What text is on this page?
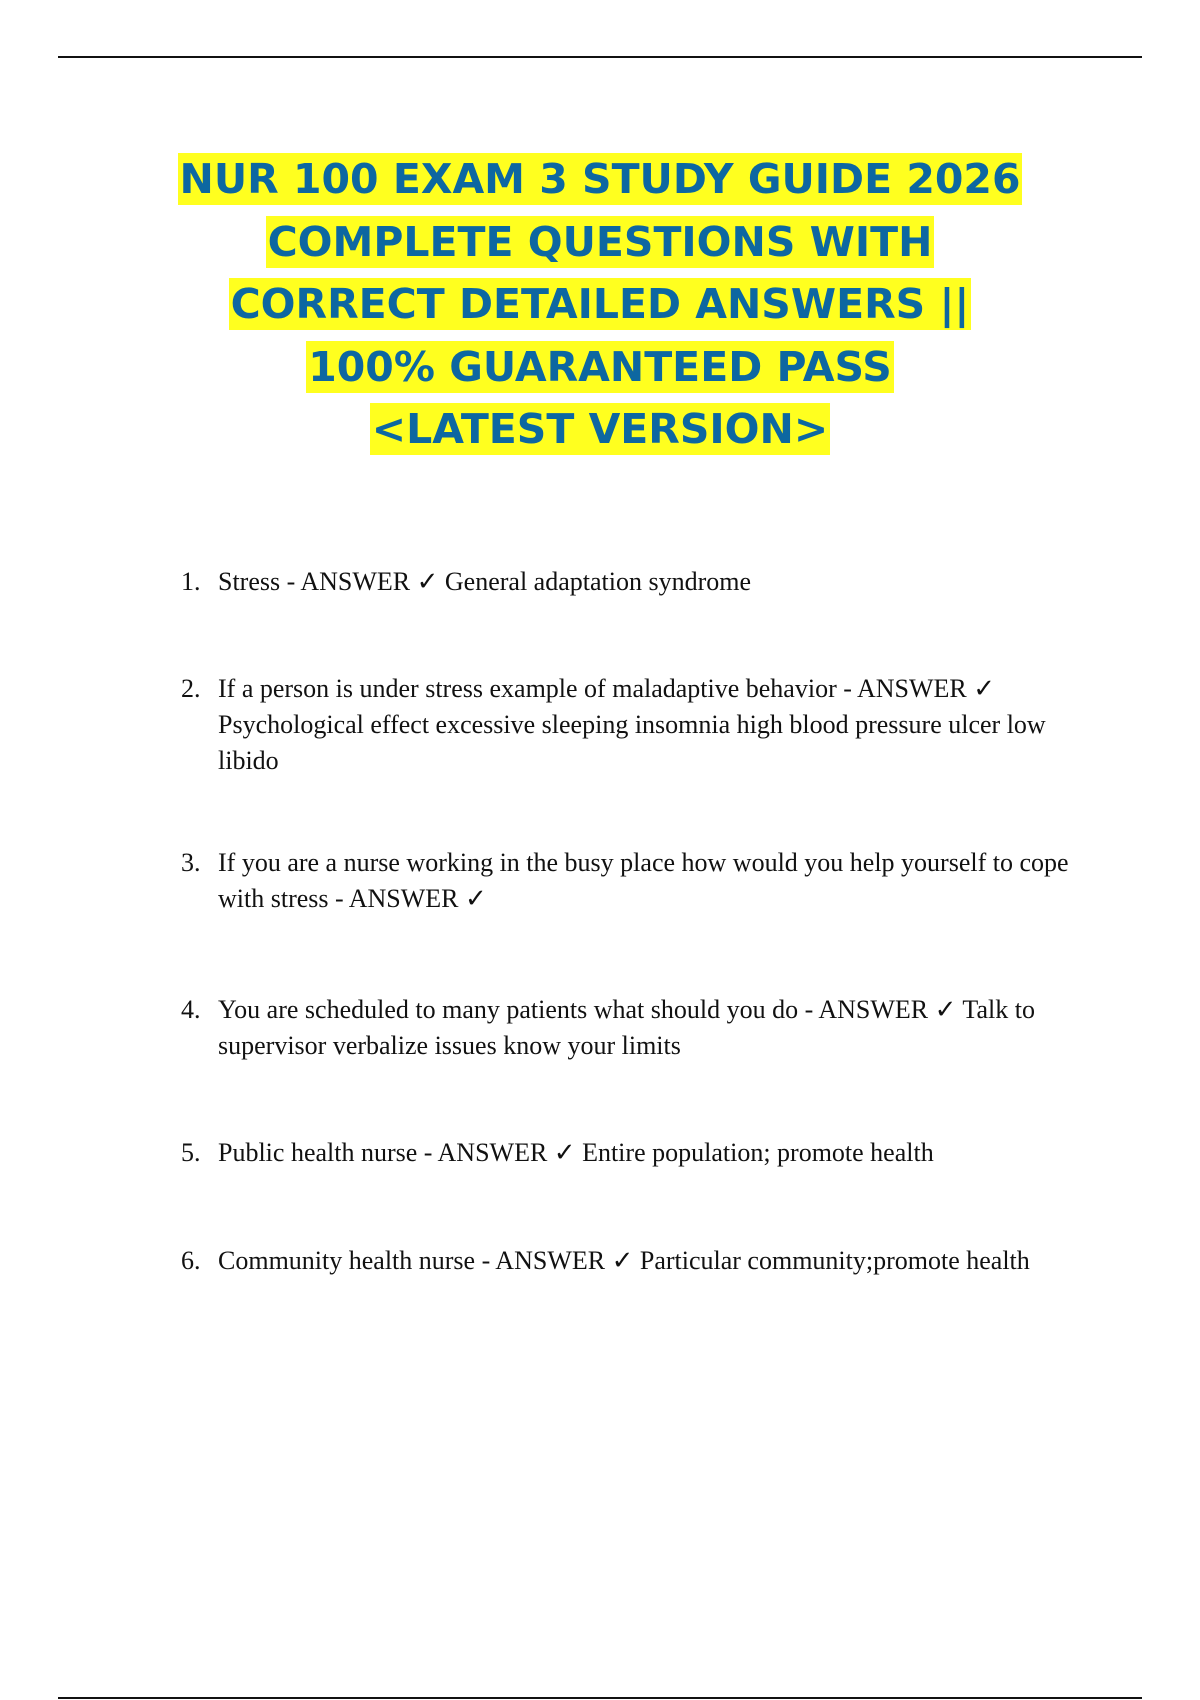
NUR 100 EXAM 3 STUDY GUIDE 2026
COMPLETE QUESTIONS WITH
CORRECT DETAILED ANSWERS ||
100% GUARANTEED PASS
<LATEST VERSION>
1. Stress - ANSWER ✓ General adaptation syndrome
2. If a person is under stress example of maladaptive behavior - ANSWER ✓ Psychological effect excessive sleeping insomnia high blood pressure ulcer low libido
3. If you are a nurse working in the busy place how would you help yourself to cope with stress - ANSWER ✓
4. You are scheduled to many patients what should you do - ANSWER ✓ Talk to supervisor verbalize issues know your limits
5. Public health nurse - ANSWER ✓ Entire population; promote health
6. Community health nurse - ANSWER ✓ Particular community;promote health
